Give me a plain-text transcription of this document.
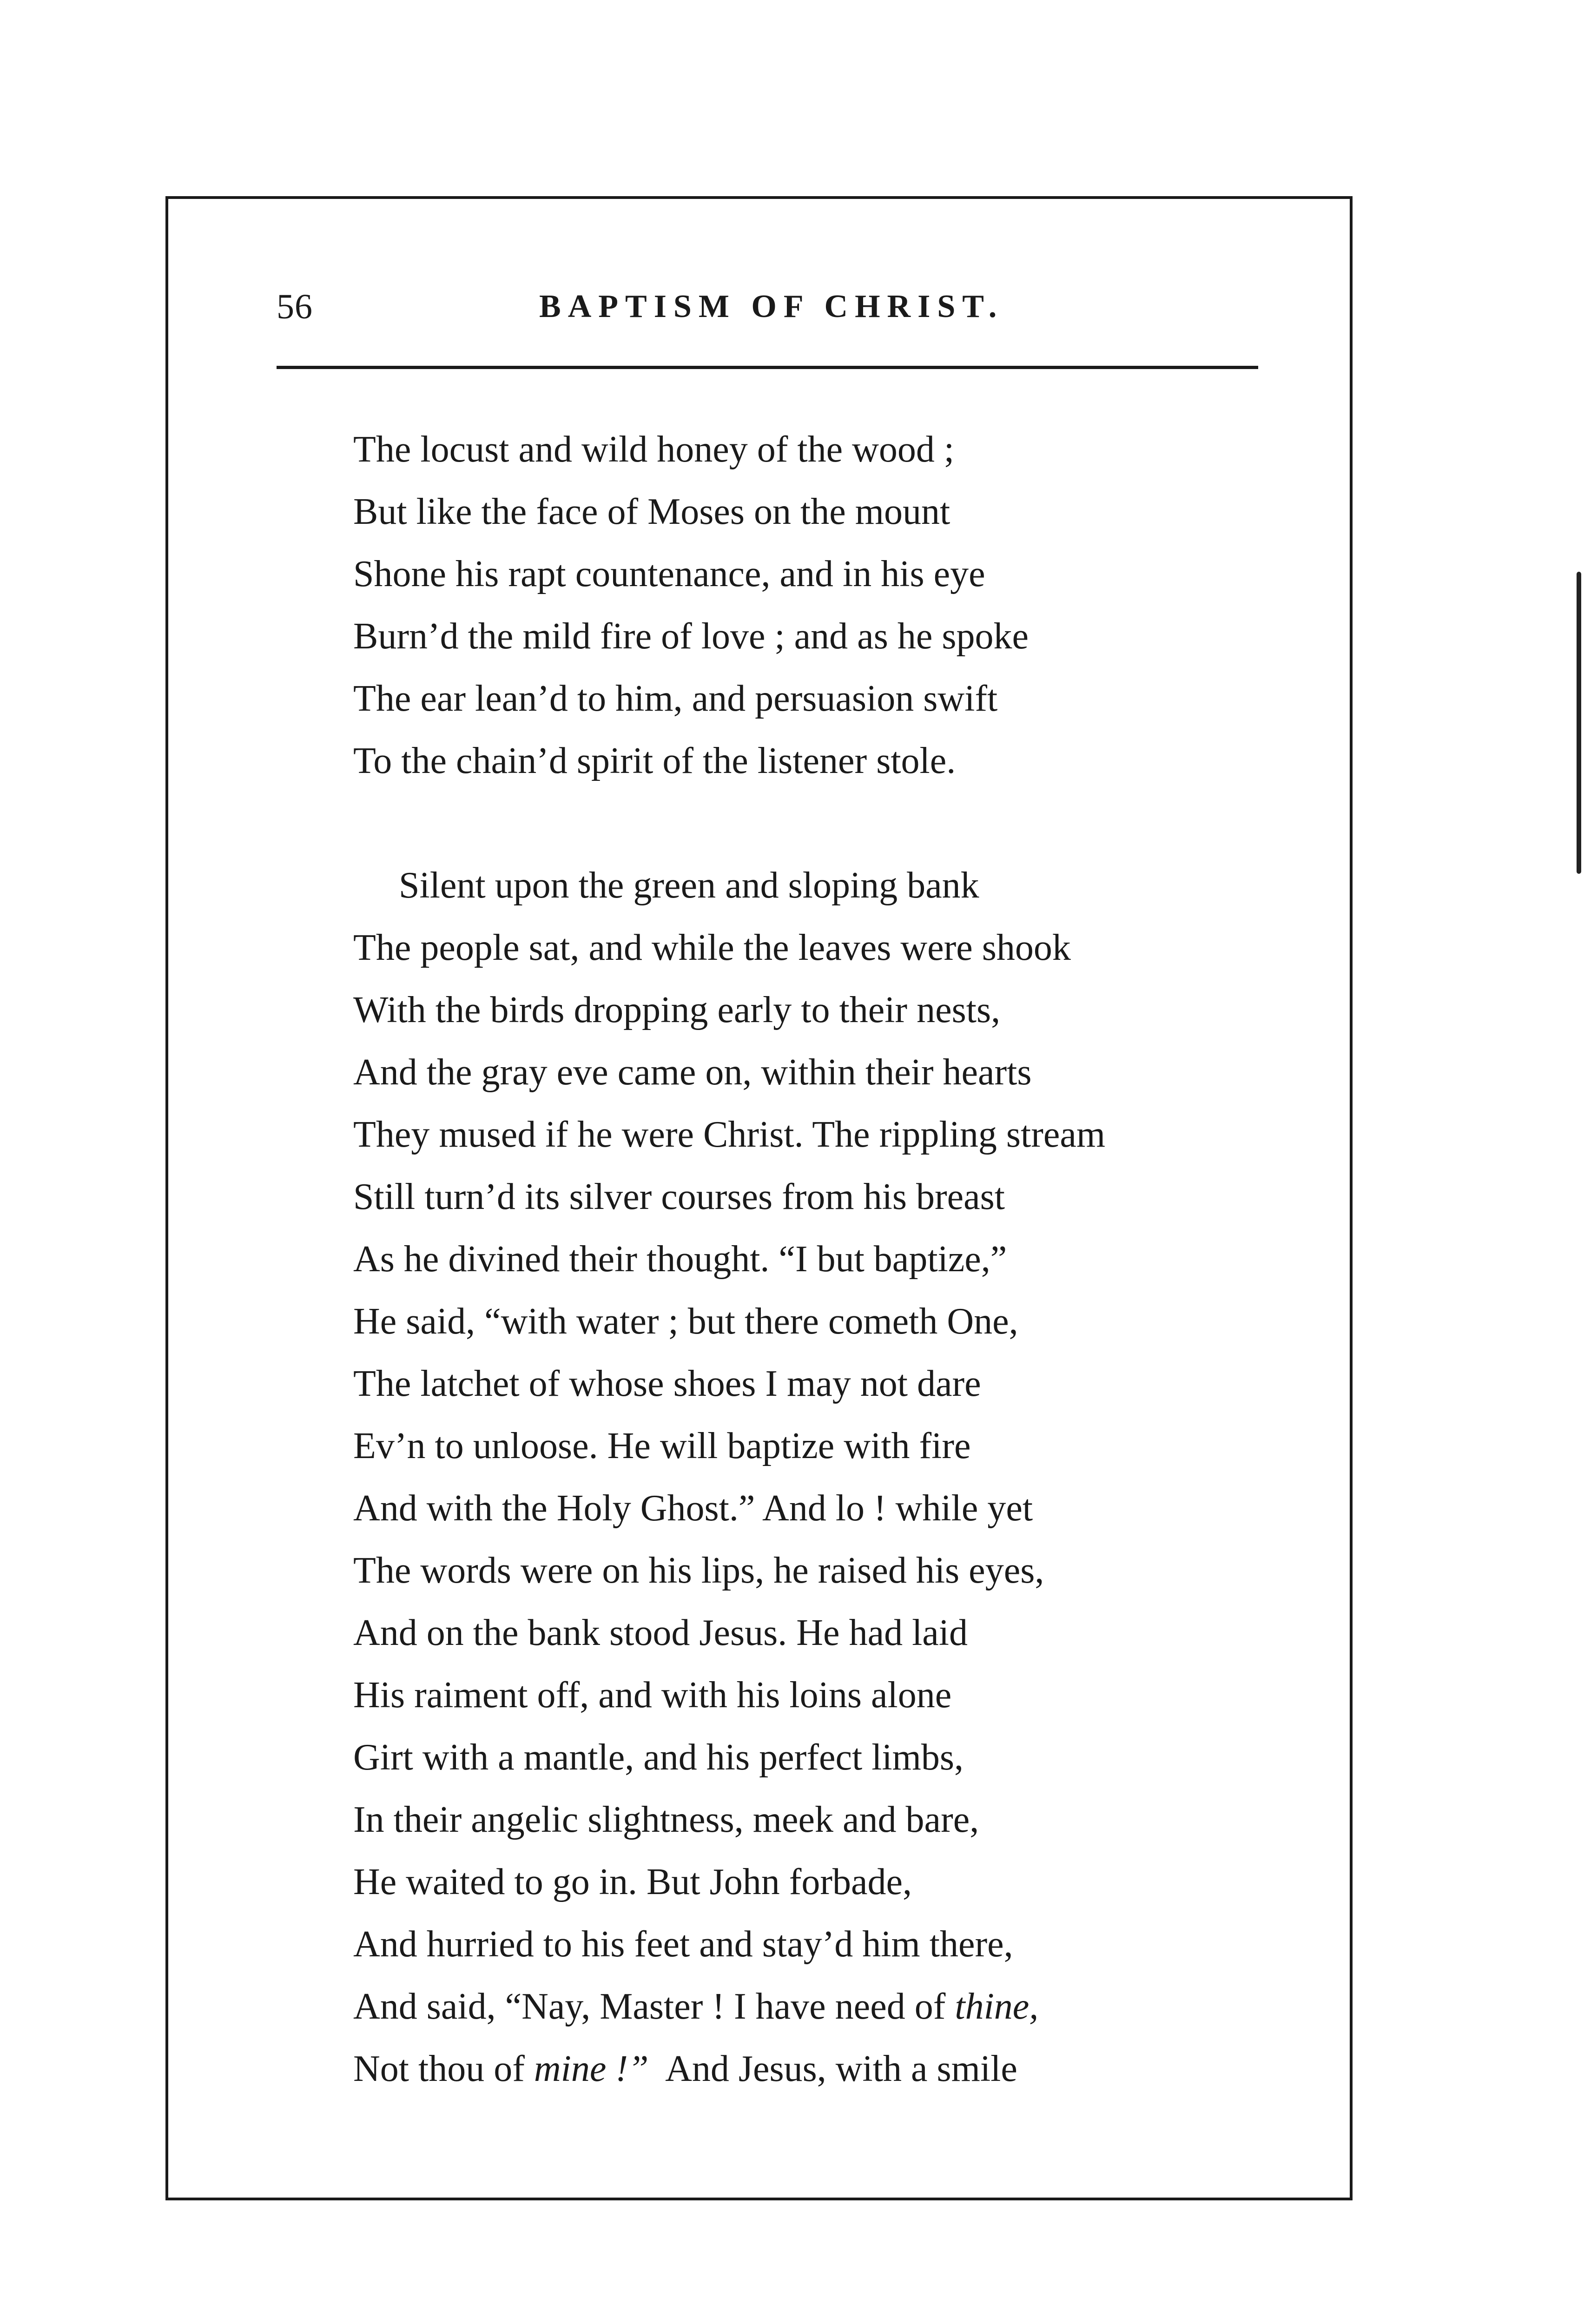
56	BAPTISM OF CHRIST.
The locust and wild honey of the wood ;
But like the face of Moses on the mount
Shone his rapt countenance, and in his eye
Burn’d the mild fire of love ; and as he spoke
The ear lean’d to him, and persuasion swift
To the chain’d spirit of the listener stole.
Silent upon the green and sloping bank
The people sat, and while the leaves were shook
With the birds dropping early to their nests,
And the gray eve came on, within their hearts
They mused if he were Christ. The rippling stream
Still turn’d its silver courses from his breast
As he divined their thought. “I but baptize,”
He said, “with water ; but there cometh One,
The latchet of whose shoes I may not dare
Ev’n to unloose. He will baptize with fire
And with the Holy Ghost.” And lo ! while yet
The words were on his lips, he raised his eyes,
And on the bank stood Jesus. He had laid
His raiment off, and with his loins alone
Girt with a mantle, and his perfect limbs,
In their angelic slightness, meek and bare,
He waited to go in. But John forbade,
And hurried to his feet and stay’d him there,
And said, “Nay, Master ! I have need of thine,
Not thou of mine !”  And Jesus, with a smile
